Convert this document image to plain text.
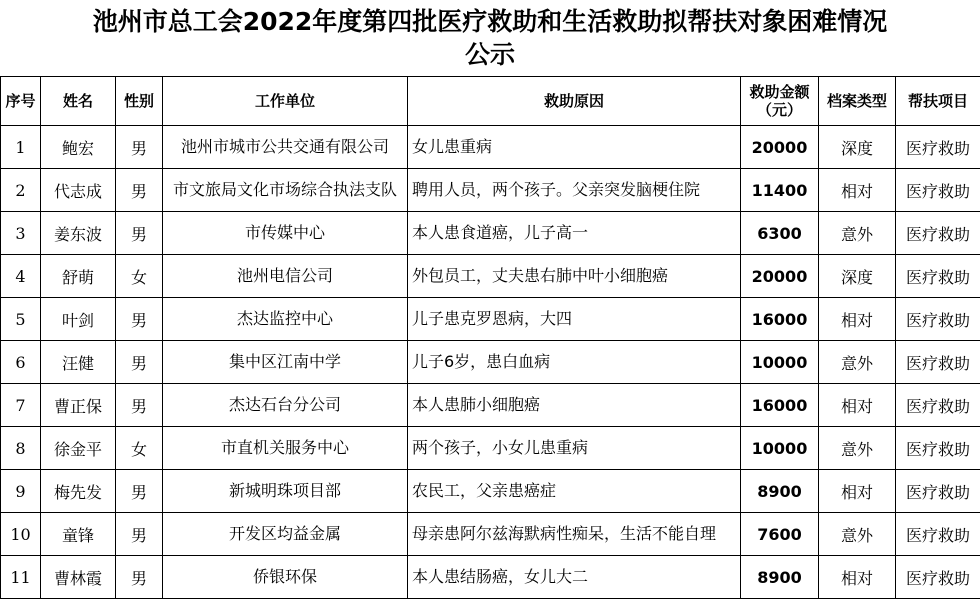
池州市总工会2022年度第四批医疗救助和生活救助拟帮扶对象困难情况
公示
序号	姓名	性别	工作单位	救助原因	救助金额（元）	档案类型	帮扶项目
1	鲍宏	男	池州市城市公共交通有限公司	女儿患重病	20000	深度	医疗救助
2	代志成	男	市文旅局文化市场综合执法支队	聘用人员，两个孩子。父亲突发脑梗住院	11400	相对	医疗救助
3	姜东波	男	市传媒中心	本人患食道癌，儿子高一	6300	意外	医疗救助
4	舒萌	女	池州电信公司	外包员工，丈夫患右肺中叶小细胞癌	20000	深度	医疗救助
5	叶剑	男	杰达监控中心	儿子患克罗恩病，大四	16000	相对	医疗救助
6	汪健	男	集中区江南中学	儿子6岁，患白血病	10000	意外	医疗救助
7	曹正保	男	杰达石台分公司	本人患肺小细胞癌	16000	相对	医疗救助
8	徐金平	女	市直机关服务中心	两个孩子，小女儿患重病	10000	意外	医疗救助
9	梅先发	男	新城明珠项目部	农民工，父亲患癌症	8900	相对	医疗救助
10	童锋	男	开发区均益金属	母亲患阿尔兹海默病性痴呆，生活不能自理	7600	意外	医疗救助
11	曹林霞	男	侨银环保	本人患结肠癌，女儿大二	8900	相对	医疗救助
